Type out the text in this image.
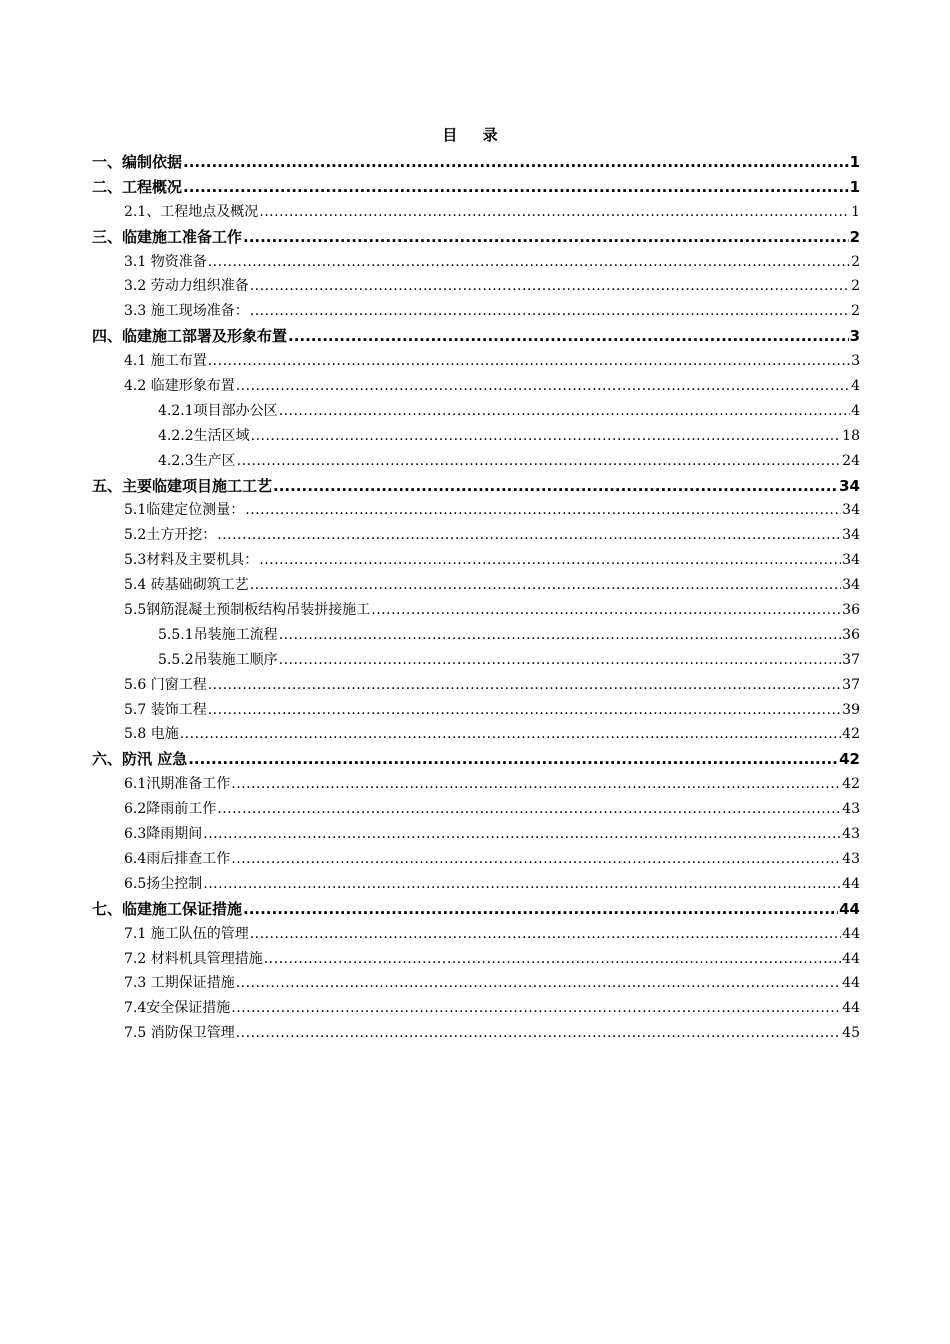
目 录
一、编制依据 .....	1
二、工程概况 .....	1
2.1、工程地点及概况 .....	1
三、临建施工准备工作 .....	2
3.1 物资准备 .....	2
3.2 劳动力组织准备 .....	2
3.3 施工现场准备： .....	2
四、临建施工部署及形象布置 .....	3
4.1 施工布置 .....	3
4.2 临建形象布置 .....	4
4.2.1项目部办公区 .....	4
4.2.2生活区域 .....	18
4.2.3生产区 .....	24
五、主要临建项目施工工艺 .....	34
5.1临建定位测量： .....	34
5.2土方开挖： .....	34
5.3材料及主要机具： .....	34
5.4 砖基础砌筑工艺 .....	34
5.5钢筋混凝土预制板结构吊装拼接施工 .....	36
5.5.1吊装施工流程 .....	36
5.5.2吊装施工顺序 .....	37
5.6 门窗工程 .....	37
5.7 装饰工程 .....	39
5.8 电施 .....	42
六、防汛 应急 .....	42
6.1汛期准备工作 .....	42
6.2降雨前工作 .....	43
6.3降雨期间 .....	43
6.4雨后排查工作 .....	43
6.5扬尘控制 .....	44
七、临建施工保证措施 .....	44
7.1 施工队伍的管理 .....	44
7.2 材料机具管理措施 .....	44
7.3 工期保证措施 .....	44
7.4安全保证措施 .....	44
7.5 消防保卫管理 .....	45
